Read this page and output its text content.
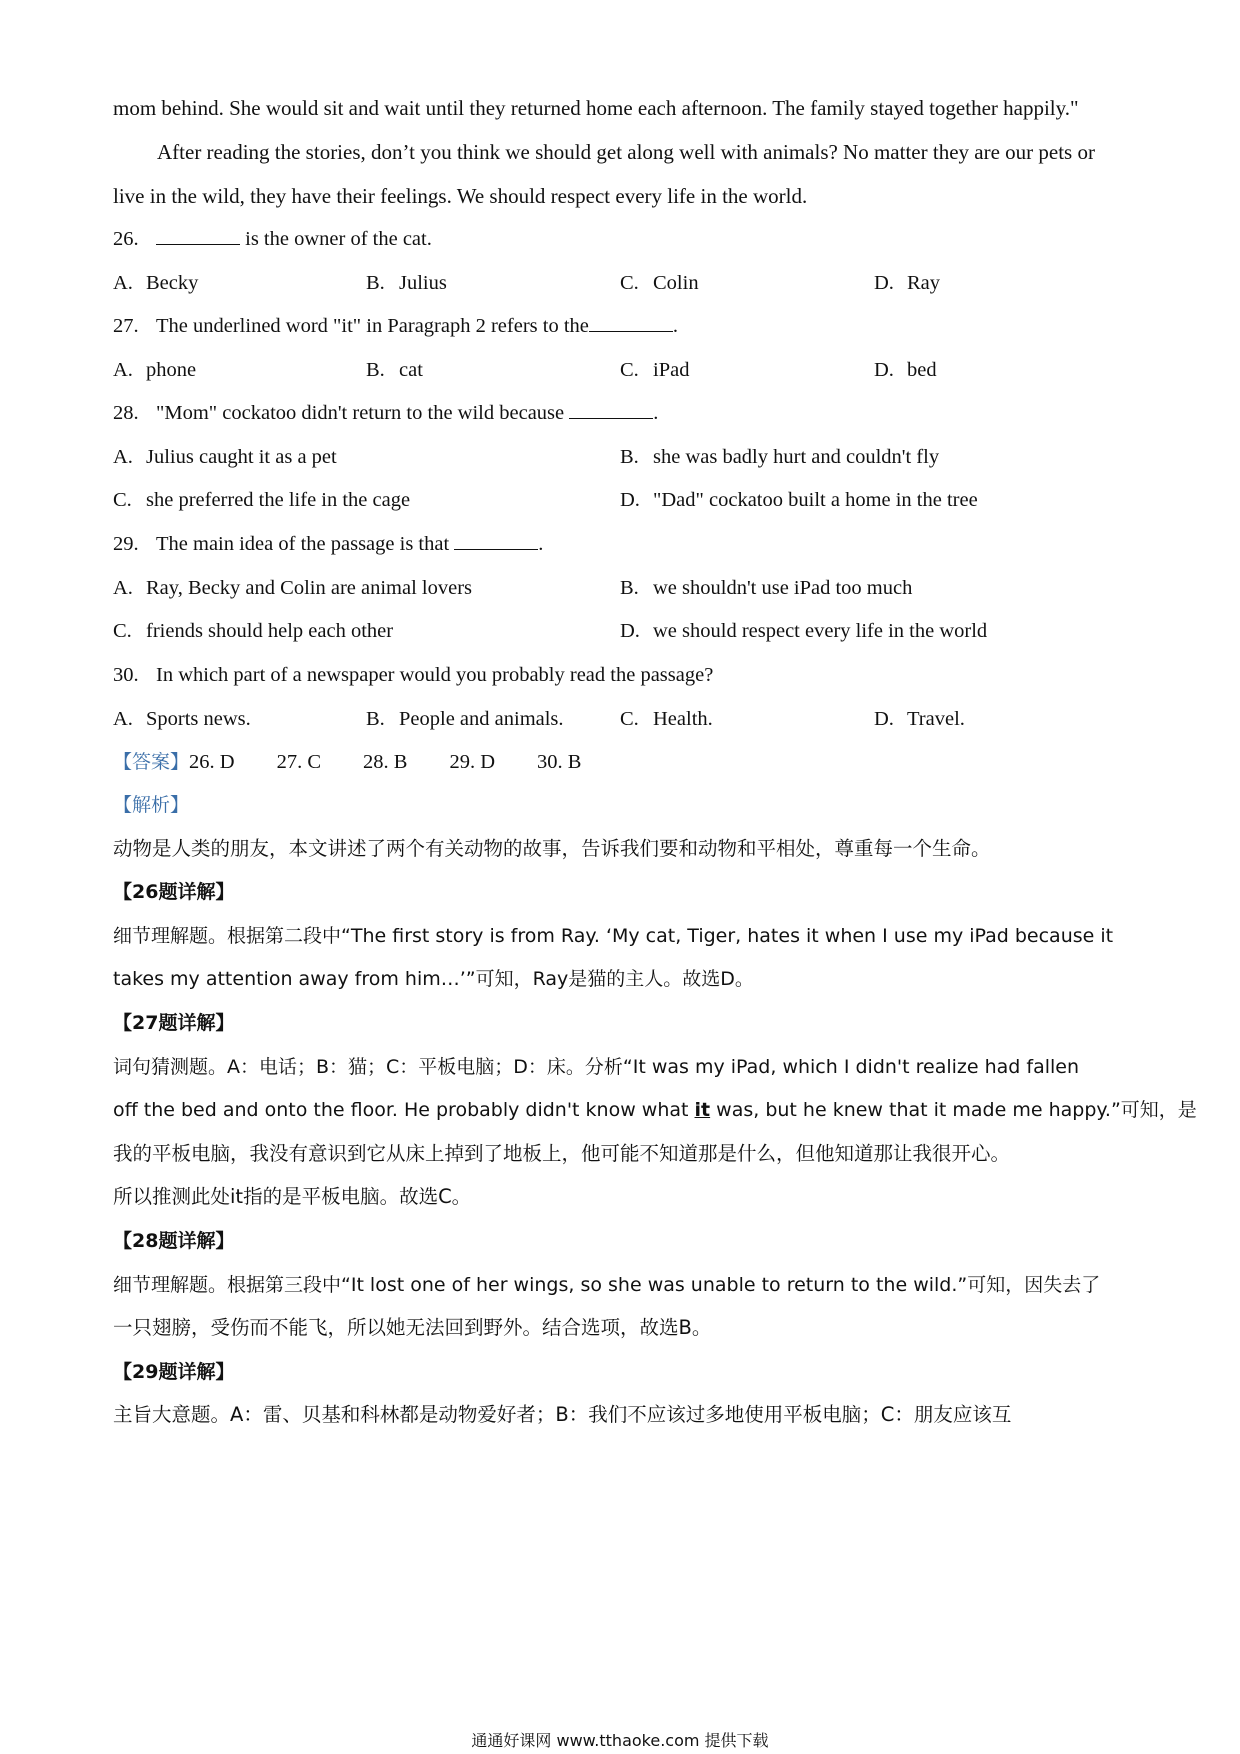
mom behind. She would sit and wait until they returned home each afternoon. The family stayed together happily."
After reading the stories, don’t you think we should get along well with animals? No matter they are our pets or
live in the wild, they have their feelings. We should respect every life in the world.
26.	is the owner of the cat.
A. Becky	B. Julius	C. Colin	D. Ray
27. The underlined word "it" in Paragraph 2 refers to the	.
A. phone	B. cat	C. iPad	D. bed
28. "Mom" cockatoo didn't return to the wild because	.
A. Julius caught it as a pet	B. she was badly hurt and couldn't fly
C. she preferred the life in the cage	D. "Dad" cockatoo built a home in the tree
29. The main idea of the passage is that	.
A. Ray, Becky and Colin are animal lovers	B. we shouldn't use iPad too much
C. friends should help each other	D. we should respect every life in the world
30. In which part of a newspaper would you probably read the passage?
A. Sports news.	B. People and animals.	C. Health.	D. Travel.
【答案】26. D 27. C 28. B 29. D 30. B
【解析】
动物是人类的朋友，本文讲述了两个有关动物的故事，告诉我们要和动物和平相处，尊重每一个生命。
【26题详解】
细节理解题。根据第二段中“The first story is from Ray. ‘My cat, Tiger, hates it when I use my iPad because it
takes my attention away from him…’”可知，Ray是猫的主人。故选D。
【27题详解】
词句猜测题。A：电话；B：猫；C：平板电脑；D：床。分析“It was my iPad, which I didn't realize had fallen
off the bed and onto the floor. He probably didn't know what it was, but he knew that it made me happy.”可知，是
我的平板电脑，我没有意识到它从床上掉到了地板上，他可能不知道那是什么，但他知道那让我很开心。
所以推测此处it指的是平板电脑。故选C。
【28题详解】
细节理解题。根据第三段中“It lost one of her wings, so she was unable to return to the wild.”可知，因失去了
一只翅膀，受伤而不能飞，所以她无法回到野外。结合选项，故选B。
【29题详解】
主旨大意题。A：雷、贝基和科林都是动物爱好者；B：我们不应该过多地使用平板电脑；C：朋友应该互
通通好课网 www.tthaoke.com 提供下载
